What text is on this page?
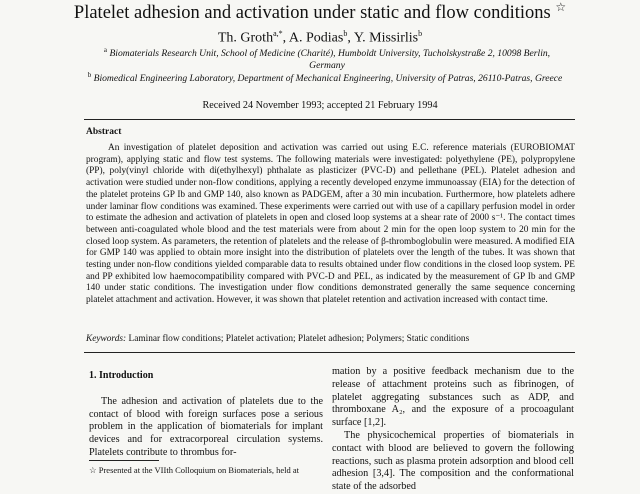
Platelet adhesion and activation under static and flow conditions ☆
Th. Groth$^{a,*}$, A. Podias$^b$, Y. Missirlis$^b$
$^a$ Biomaterials Research Unit, School of Medicine (Charité), Humboldt University, Tucholskystraße 2, 10098 Berlin,
Germany
$^b$ Biomedical Engineering Laboratory, Department of Mechanical Engineering, University of Patras, 26110-Patras, Greece
Received 24 November 1993; accepted 21 February 1994
Abstract

An investigation of platelet deposition and activation was carried out using E.C. reference materials (EUROBIOMAT program), applying static and flow test systems. The following materials were investigated: polyethylene (PE), polypropylene (PP), poly(vinyl chloride with di(ethylhexyl) phthalate as plasticizer (PVC-D) and pellethane (PEL). Platelet adhesion and activation were studied under non-flow conditions, applying a recently developed enzyme immunoassay (EIA) for the detection of the platelet proteins GP Ib and GMP 140, also known as PADGEM, after a 30 min incubation. Furthermore, how platelets adhere under laminar flow conditions was examined. These experiments were carried out with use of a capillary perfusion model in order to estimate the adhesion and activation of platelets in open and closed loop systems at a shear rate of 2000 s⁻¹. The contact times between anti-coagulated whole blood and the test materials were from about 2 min for the open loop system to 20 min for the closed loop system. As parameters, the retention of platelets and the release of β-thromboglobulin were measured. A modified EIA for GMP 140 was applied to obtain more insight into the distribution of platelets over the length of the tubes. It was shown that testing under non-flow conditions yielded comparable data to results obtained under flow conditions in the closed loop system. PE and PP exhibited low haemocompatibility compared with PVC-D and PEL, as indicated by the measurement of GP Ib and GMP 140 under static conditions. The investigation under flow conditions demonstrated generally the same sequence concerning platelet attachment and activation. However, it was shown that platelet retention and activation increased with contact time.

Keywords: Laminar flow conditions; Platelet activation; Platelet adhesion; Polymers; Static conditions
1. Introduction

The adhesion and activation of platelets due to the contact of blood with foreign surfaces pose a serious problem in the application of biomaterials for implant devices and for extracorporeal circulation systems. Platelets contribute to thrombus for-

mation by a positive feedback mechanism due to the release of attachment proteins such as fibrinogen, of platelet aggregating substances such as ADP, and thromboxane A₂, and the exposure of a procoagulant surface [1,2].

The physicochemical properties of biomaterials in contact with blood are believed to govern the following reactions, such as plasma protein adsorption and blood cell adhesion [3,4]. The composition and the conformational state of the adsorbed

☆ Presented at the VIIth Colloquium on Biomaterials, held at
